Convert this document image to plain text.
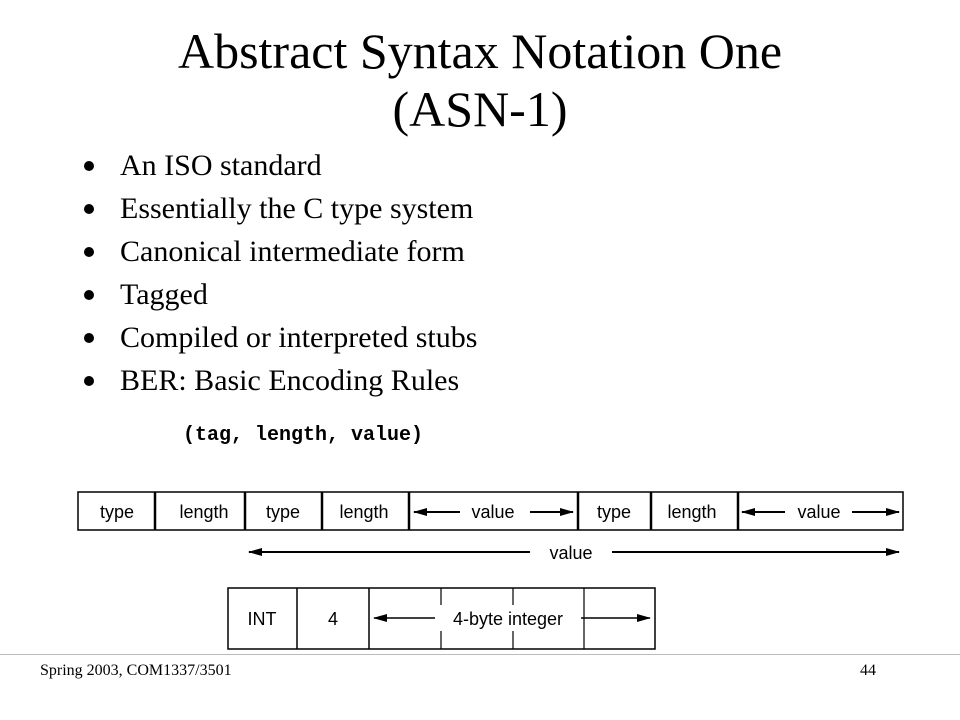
Abstract Syntax Notation One
(ASN-1)
An ISO standard
Essentially the C type system
Canonical intermediate form
Tagged
Compiled or interpreted stubs
BER: Basic Encoding Rules
(tag, length, value)
type	length type length	value	type length	value
value
INT	4	4-byte integer
Spring 2003, COM1337/3501	44
